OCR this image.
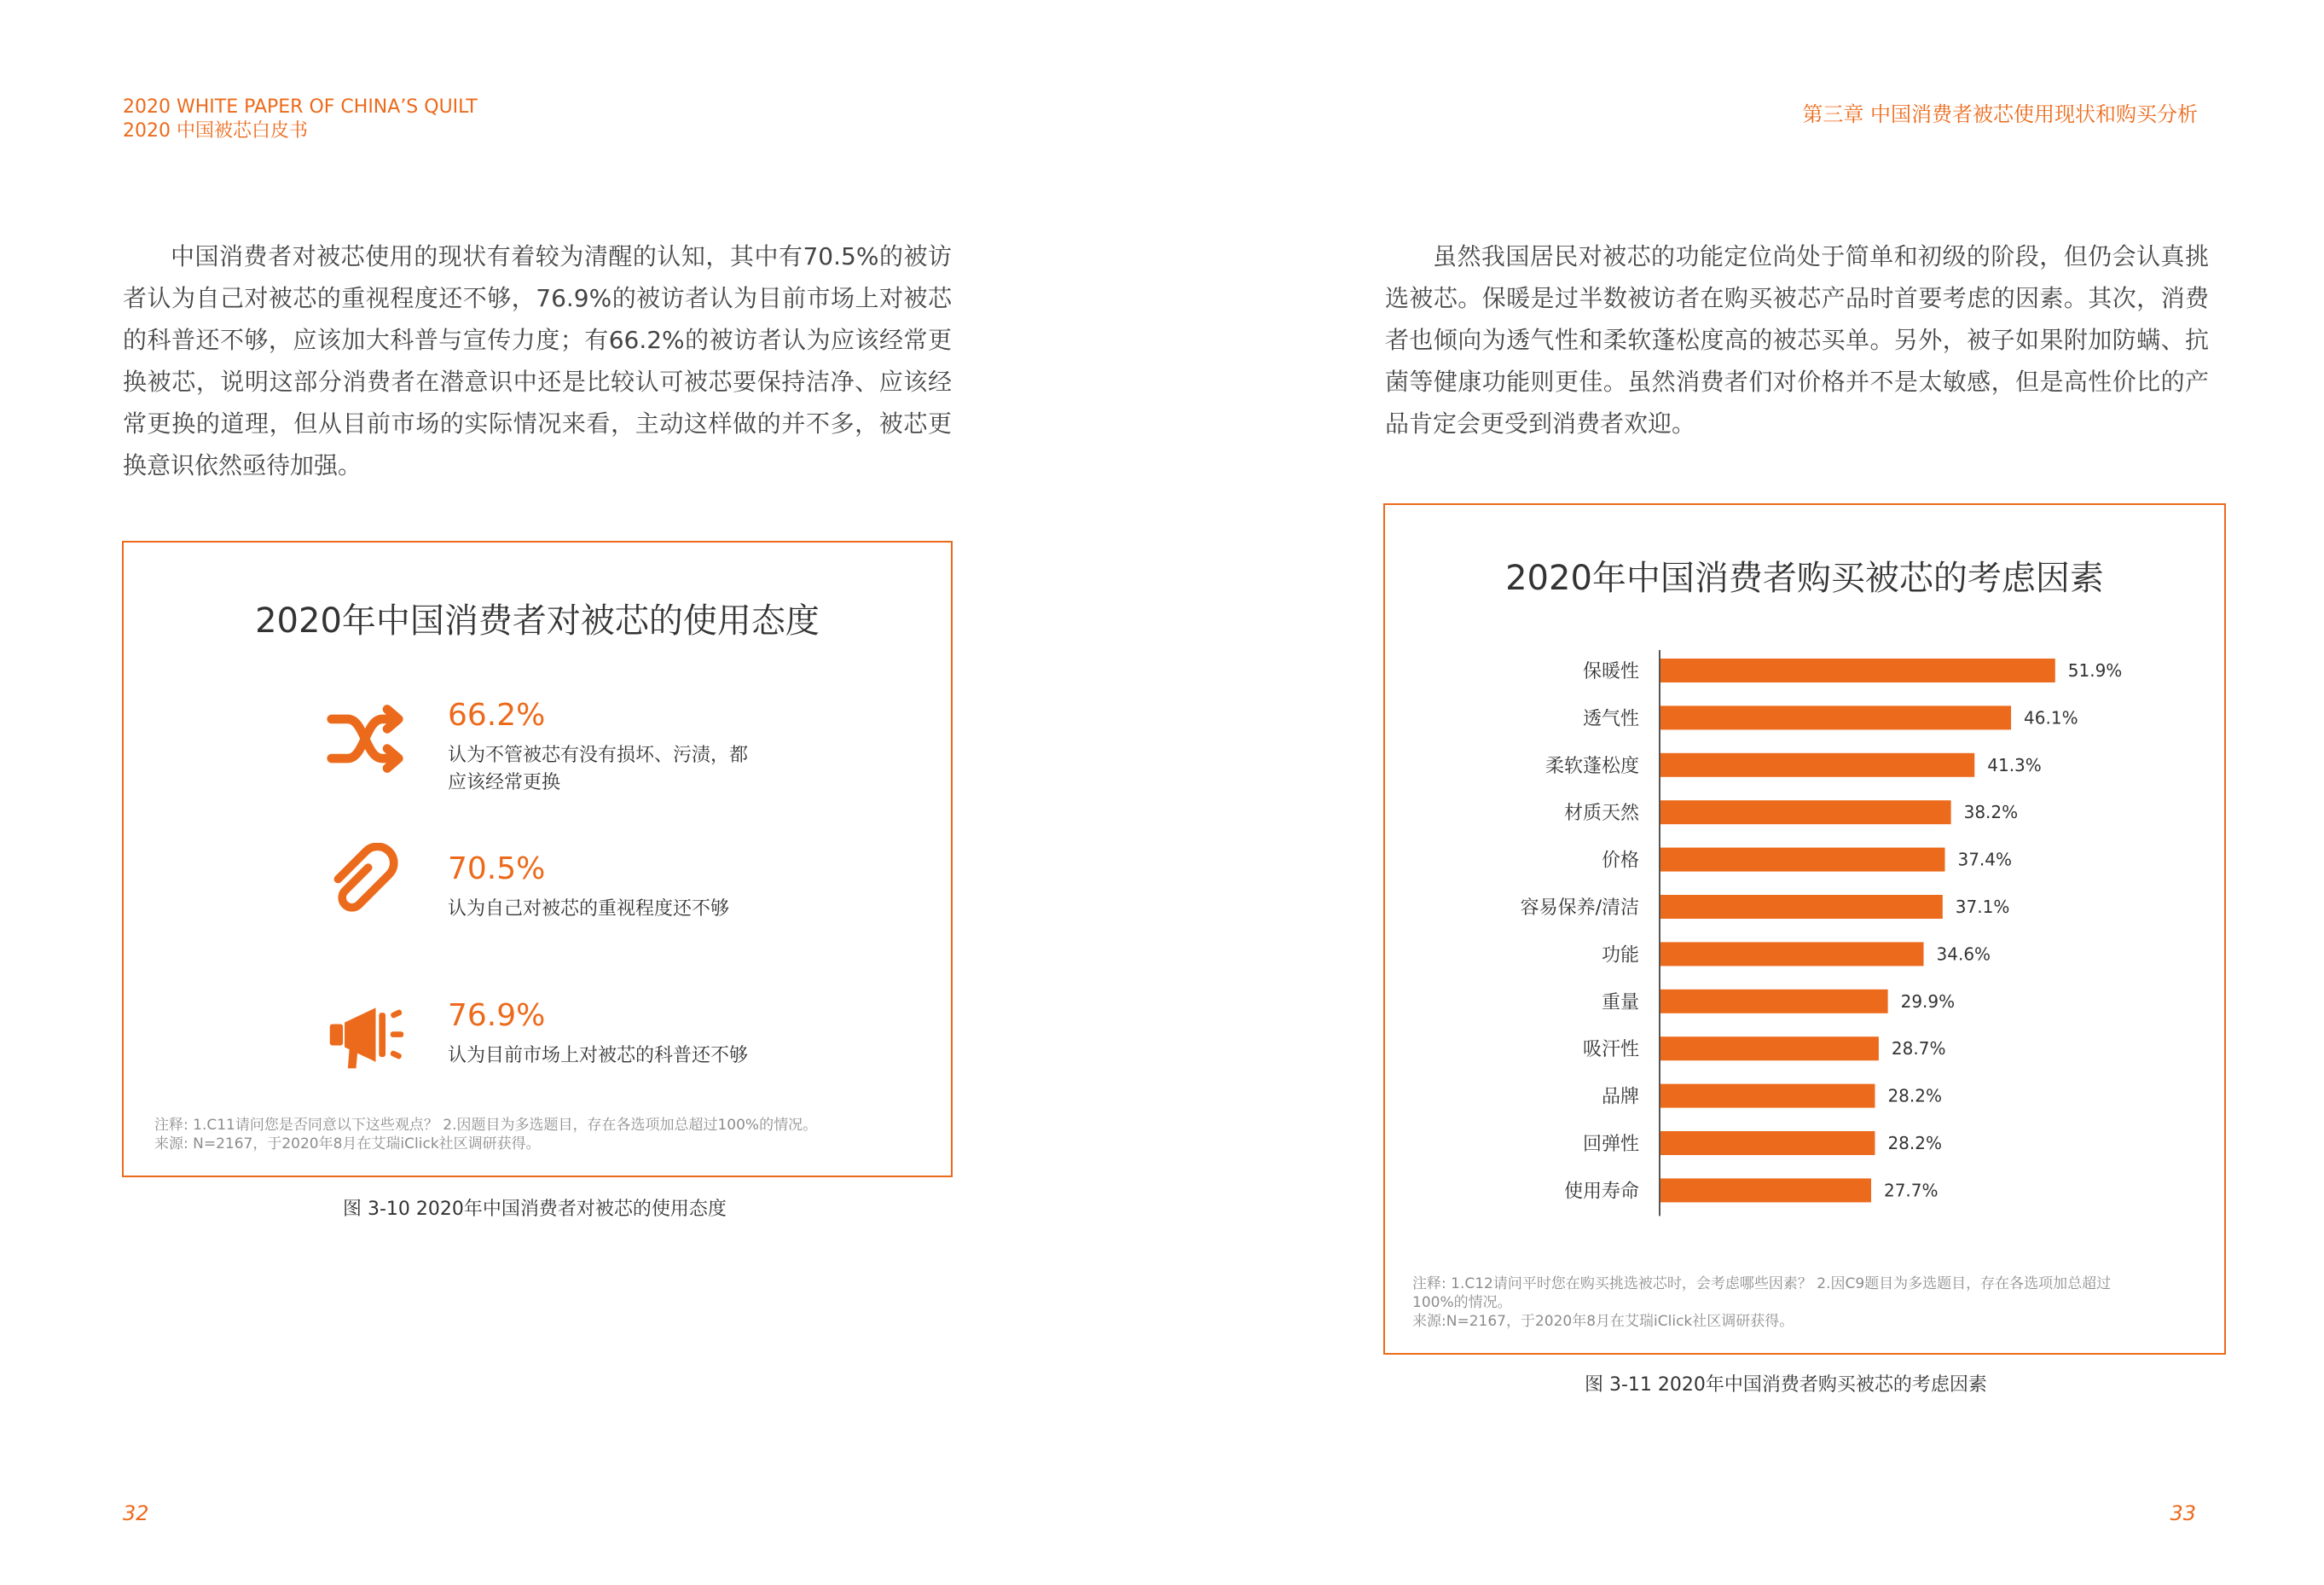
2020 WHITE PAPER OF CHINA’S QUILT
2020 中国被芯白皮书
第三章 中国消费者被芯使用现状和购买分析
中国消费者对被芯使用的现状有着较为清醒的认知，其中有70.5%的被访者认为自己对被芯的重视程度还不够，76.9%的被访者认为目前市场上对被芯的科普还不够，应该加大科普与宣传力度；有66.2%的被访者认为应该经常更换被芯，说明这部分消费者在潜意识中还是比较认可被芯要保持洁净、应该经常更换的道理，但从目前市场的实际情况来看，主动这样做的并不多，被芯更换意识依然亟待加强。
2020年中国消费者对被芯的使用态度
66.2%
认为不管被芯有没有损坏、污渍，都
应该经常更换
70.5%
认为自己对被芯的重视程度还不够
76.9%
认为目前市场上对被芯的科普还不够
注释: 1.C11请问您是否同意以下这些观点？ 2.因题目为多选题目，存在各选项加总超过100%的情况。
来源: N=2167，于2020年8月在艾瑞iClick社区调研获得。
图 3-10 2020年中国消费者对被芯的使用态度
32
虽然我国居民对被芯的功能定位尚处于简单和初级的阶段，但仍会认真挑选被芯。保暖是过半数被访者在购买被芯产品时首要考虑的因素。其次，消费者也倾向为透气性和柔软蓬松度高的被芯买单。另外，被子如果附加防螨、抗菌等健康功能则更佳。虽然消费者们对价格并不是太敏感，但是高性价比的产品肯定会更受到消费者欢迎。
2020年中国消费者购买被芯的考虑因素
保暖性	51.9%
透气性	46.1%
柔软蓬松度	41.3%
材质天然	38.2%
价格	37.4%
容易保养/清洁	37.1%
功能	34.6%
重量	29.9%
吸汗性	28.7%
品牌	28.2%
回弹性	28.2%
使用寿命	27.7%
注释: 1.C12请问平时您在购买挑选被芯时，会考虑哪些因素？ 2.因C9题目为多选题目，存在各选项加总超过
100%的情况。
来源:N=2167，于2020年8月在艾瑞iClick社区调研获得。
图 3-11 2020年中国消费者购买被芯的考虑因素
33
